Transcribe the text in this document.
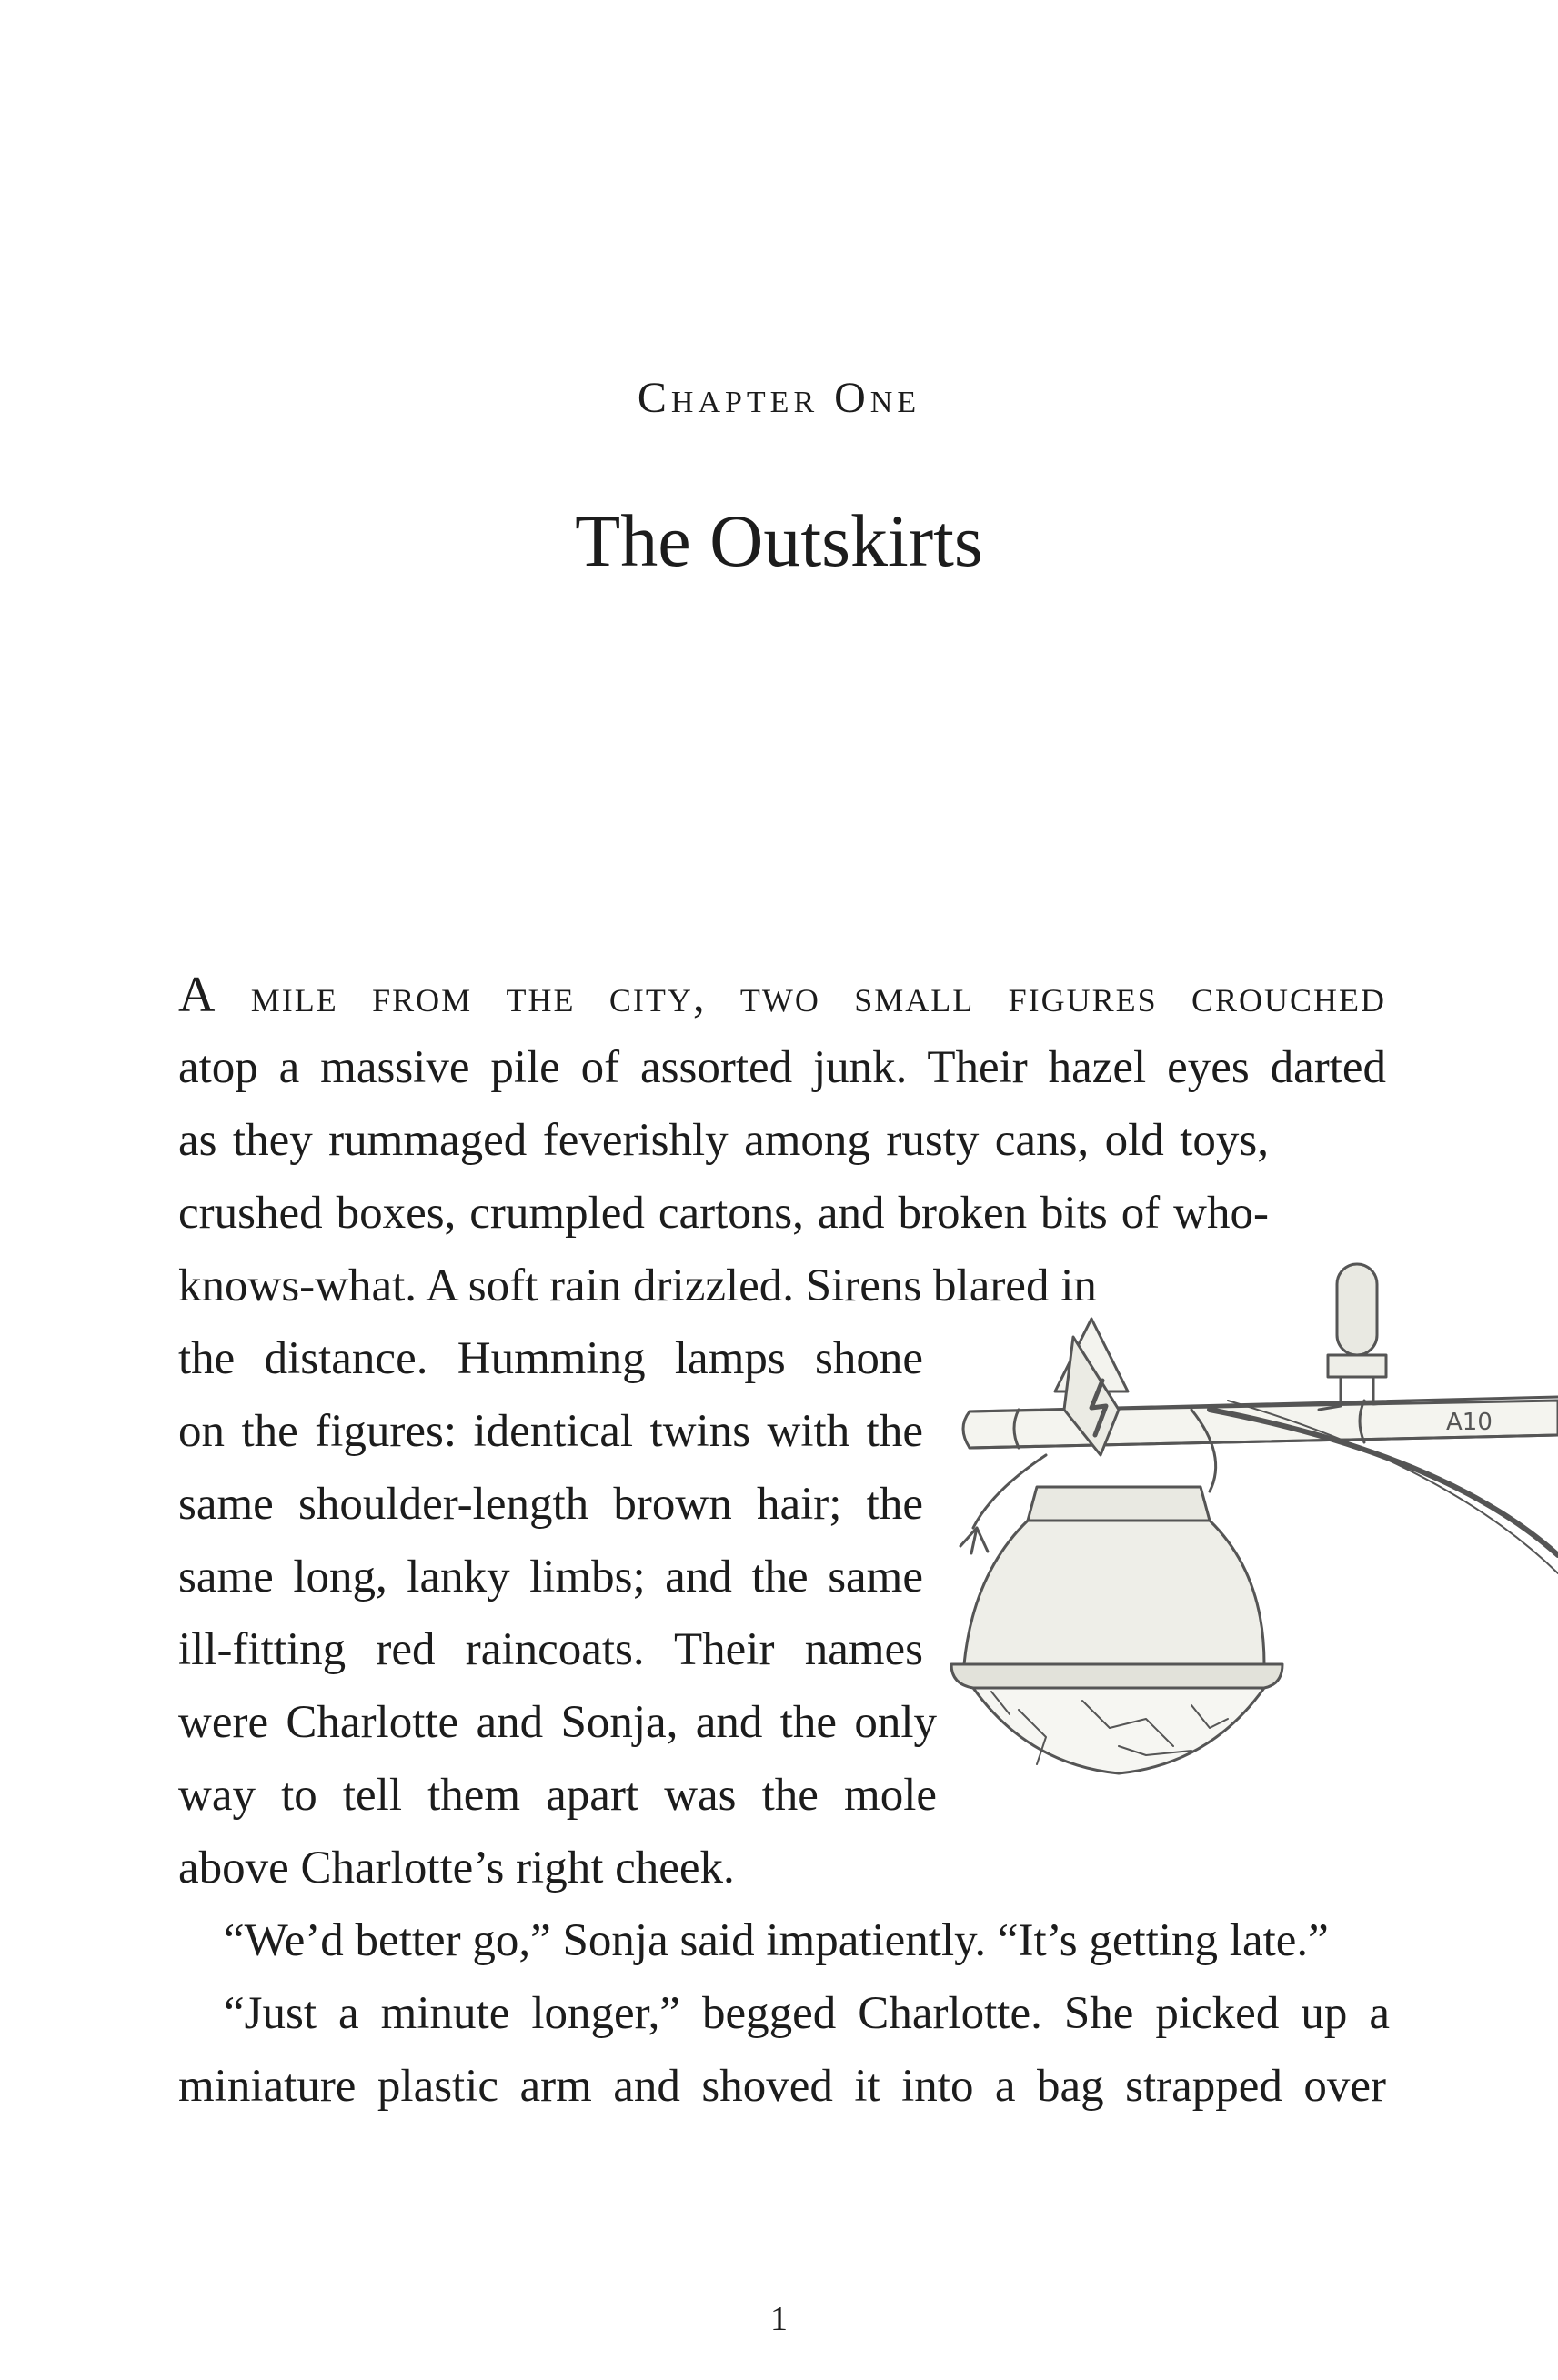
Chapter One
The Outskirts
A mile from the city, two small figures crouched
atop a massive pile of assorted junk. Their hazel eyes darted
as they rummaged feverishly among rusty cans, old toys,
crushed boxes, crumpled cartons, and broken bits of who-
knows-what. A soft rain drizzled. Sirens blared in
the distance. Humming lamps shone
on the figures: identical twins with the
same shoulder-length brown hair; the
same long, lanky limbs; and the same
ill-fitting red raincoats. Their names
were Charlotte and Sonja, and the only
way to tell them apart was the mole
above Charlotte’s right cheek.
“We’d better go,” Sonja said impatiently. “It’s getting late.”
“Just a minute longer,” begged Charlotte. She picked up a
miniature plastic arm and shoved it into a bag strapped over
A10
1
